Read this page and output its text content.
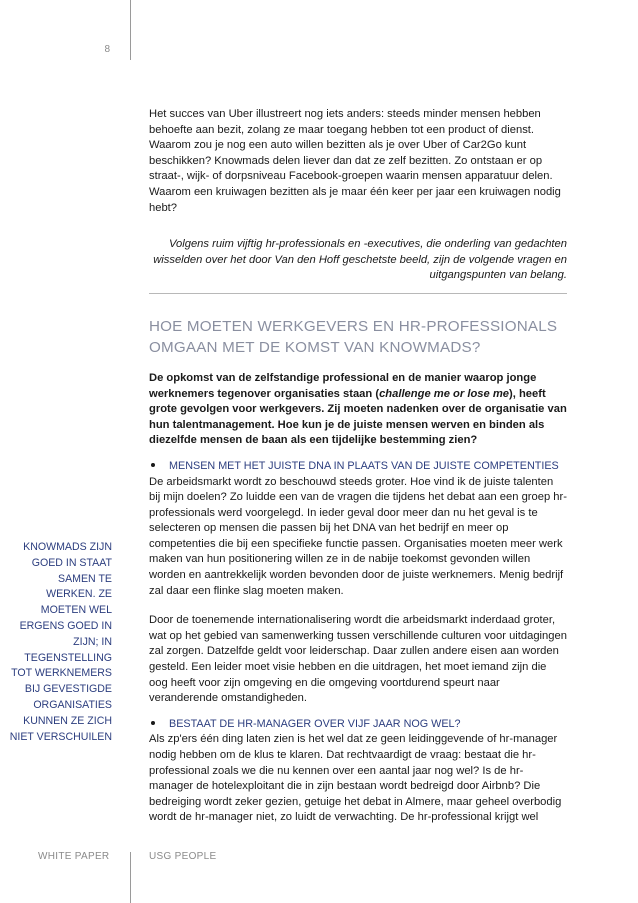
8

Het succes van Uber illustreert nog iets anders: steeds minder mensen hebben behoefte aan bezit, zolang ze maar toegang hebben tot een product of dienst. Waarom zou je nog een auto willen bezitten als je over Uber of Car2Go kunt beschikken? Knowmads delen liever dan dat ze zelf bezitten. Zo ontstaan er op straat-, wijk- of dorpsniveau Facebook-groepen waarin mensen apparatuur delen. Waarom een kruiwagen bezitten als je maar één keer per jaar een kruiwagen nodig hebt?

Volgens ruim vijftig hr-professionals en -executives, die onderling van gedachten wisselden over het door Van den Hoff geschetste beeld, zijn de volgende vragen en uitgangspunten van belang.

HOE MOETEN WERKGEVERS EN HR-PROFESSIONALS OMGAAN MET DE KOMST VAN KNOWMADS?

De opkomst van de zelfstandige professional en de manier waarop jonge werknemers tegenover organisaties staan (challenge me or lose me), heeft grote gevolgen voor werkgevers. Zij moeten nadenken over de organisatie van hun talentmanagement. Hoe kun je de juiste mensen werven en binden als diezelfde mensen de baan als een tijdelijke bestemming zien?

MENSEN MET HET JUISTE DNA IN PLAATS VAN DE JUISTE COMPETENTIES

De arbeidsmarkt wordt zo beschouwd steeds groter. Hoe vind ik de juiste talenten bij mijn doelen? Zo luidde een van de vragen die tijdens het debat aan een groep hr-professionals werd voorgelegd. In ieder geval door meer dan nu het geval is te selecteren op mensen die passen bij het DNA van het bedrijf en meer op competenties die bij een specifieke functie passen. Organisaties moeten meer werk maken van hun positionering willen ze in de nabije toekomst gevonden willen worden en aantrekkelijk worden bevonden door de juiste werknemers. Menig bedrijf zal daar een flinke slag moeten maken.

Door de toenemende internationalisering wordt die arbeidsmarkt inderdaad groter, wat op het gebied van samenwerking tussen verschillende culturen voor uitdagingen zal zorgen. Datzelfde geldt voor leiderschap. Daar zullen andere eisen aan worden gesteld. Een leider moet visie hebben en die uitdragen, het moet iemand zijn die oog heeft voor zijn omgeving en die omgeving voortdurend speurt naar veranderende omstandigheden.

BESTAAT DE HR-MANAGER OVER VIJF JAAR NOG WEL?

Als zp'ers één ding laten zien is het wel dat ze geen leidinggevende of hr-manager nodig hebben om de klus te klaren. Dat rechtvaardigt de vraag: bestaat die hr-professional zoals we die nu kennen over een aantal jaar nog wel? Is de hr-manager de hotelexploitant die in zijn bestaan wordt bedreigd door Airbnb? Die bedreiging wordt zeker gezien, getuige het debat in Almere, maar geheel overbodig wordt de hr-manager niet, zo luidt de verwachting. De hr-professional krijgt wel

KNOWMADS ZIJN GOED IN STAAT SAMEN TE WERKEN. ZE MOETEN WEL ERGENS GOED IN ZIJN; IN TEGENSTELLING TOT WERKNEMERS BIJ GEVESTIGDE ORGANISATIES KUNNEN ZE ZICH NIET VERSCHUILEN
WHITE PAPER	USG PEOPLE
